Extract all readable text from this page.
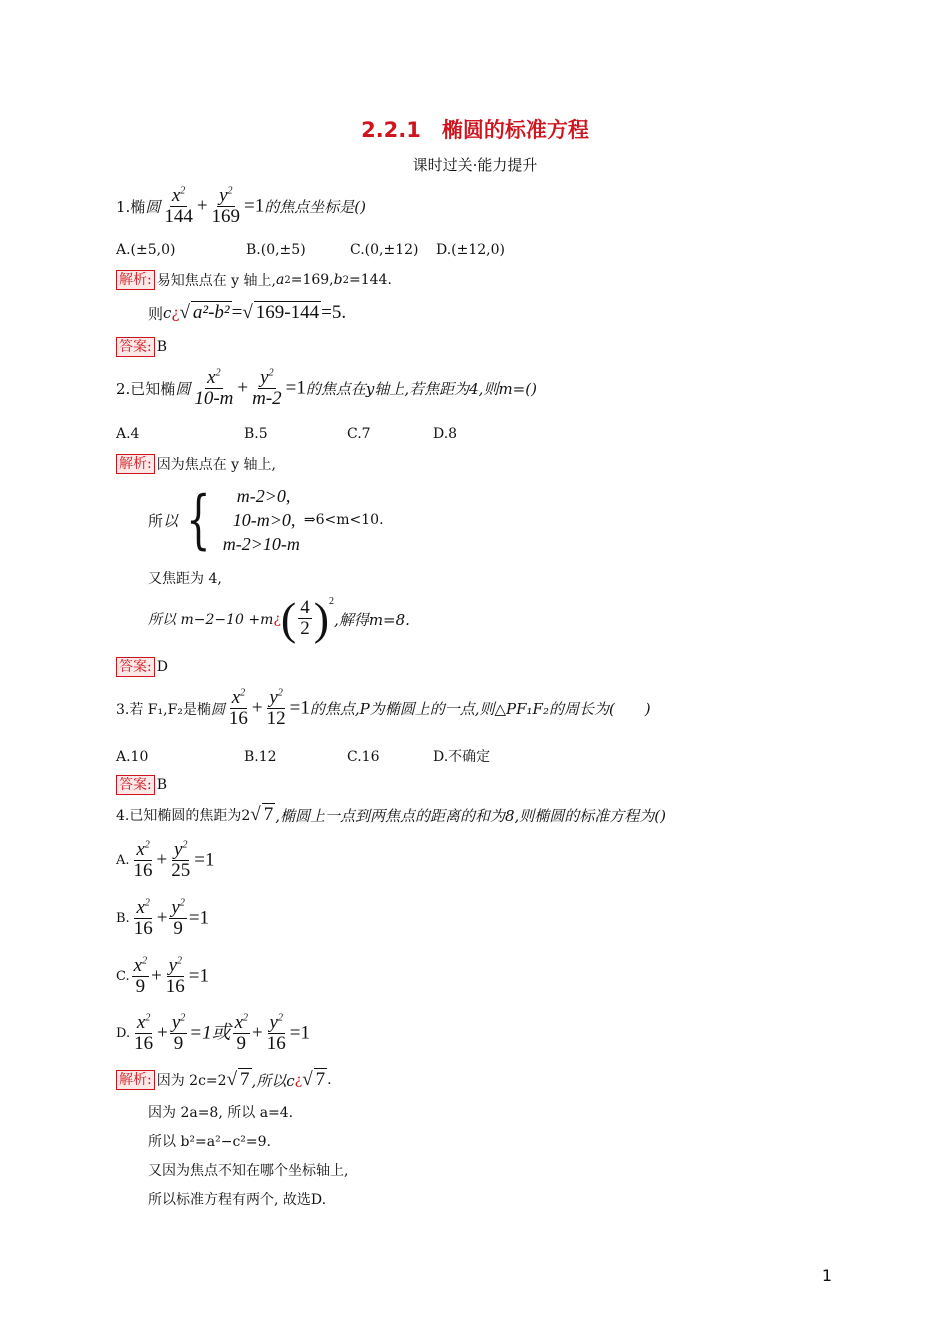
2.2.1　椭圆的标准方程
课时过关·能力提升
1.椭 圆 $\frac{x^2}{144} + \frac{y^2}{169} =1$ 的焦点坐标是()
A.(±5,0)	B.(0,±5)	C.(0,±12) D.(±12,0)
解析: 易知焦点在 y 轴上, a 2 =169, b 2 =144.
则 c ¿ √ a²-b² =√ 169-144 =5.
答案: B
2.已知椭 圆 $\frac{x^2}{10-m} + \frac{y^2}{m-2} =1$ 的焦点在y轴上,若焦距为4,则m=()
A.4	B.5	C.7	D.8
解析: 因为焦点在 y 轴上,
所 以 {	m-2>0,
10-m>0,
m-2>10-m
⇒6<m<10.
又焦距为 4,
所以 m−2−10 +m ¿ ( $\frac{4}{2} )^2$
,解得m=8.
答案: D
3.若 F₁,F₂是椭 圆 $\frac{x^2}{16} + \frac{y^2}{12} =1$ 的焦点,P为椭圆上的一点,则△PF₁F₂的周长为(　　)
A.10	B.12	C.16	D.不确定
答案: B
4.已知椭圆的焦距为2 √ 7 ,椭圆上一点到两焦点的距离的和为8,则椭圆的标准方程为()
A. $\frac{x^2}{16} + \frac{y^2}{25} =1$
B. $\frac{x^2}{16} + \frac{y^2}{9} =1$
C. $\frac{x^2}{9} + \frac{y^2}{16} =1$
D. $\frac{x^2}{16} + \frac{y^2}{9} =1$或 $\frac{x^2}{9} + \frac{y^2}{16} =1$
解析: 因为 2c=2 √ 7 ,所以c ¿ √ 7 .
因为 2a=8, 所以 a=4.
所以 b²=a²−c²=9.
又因为焦点不知在哪个坐标轴上,
所以标准方程有两个, 故选D.
1
